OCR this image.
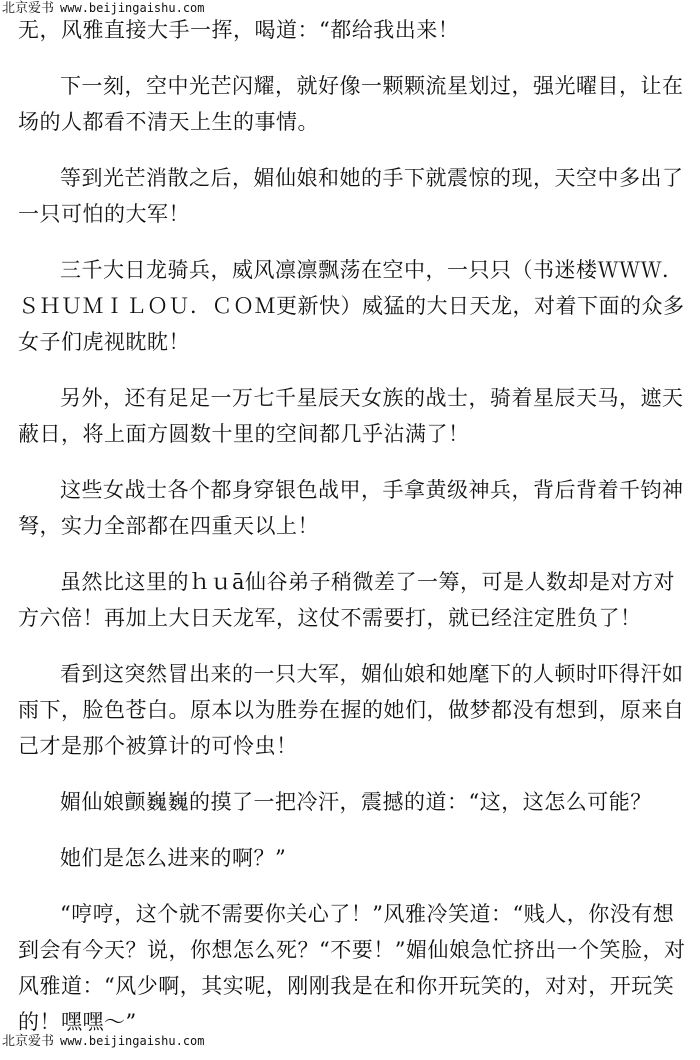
北京爱书 www.beijingaishu.com

无，风雅直接大手一挥，喝道：“都给我出来！

下一刻，空中光芒闪耀，就好像一颗颗流星划过，强光曜目，让在场的人都看不清天上生的事情。

等到光芒消散之后，媚仙娘和她的手下就震惊的现，天空中多出了一只可怕的大军！

三千大日龙骑兵，威风凛凛飘荡在空中，一只只（书迷楼ＷＷＷ．ＳＨＵＭＩＬＯＵ．ＣＯＭ更新快）威猛的大日天龙，对着下面的众多女子们虎视眈眈！

另外，还有足足一万七千星辰天女族的战士，骑着星辰天马，遮天蔽日，将上面方圆数十里的空间都几乎沾满了！

这些女战士各个都身穿银色战甲，手拿黄级神兵，背后背着千钧神弩，实力全部都在四重天以上！

虽然比这里的ｈｕā仙谷弟子稍微差了一筹，可是人数却是对方对方六倍！再加上大日天龙军，这仗不需要打，就已经注定胜负了！

看到这突然冒出来的一只大军，媚仙娘和她麾下的人顿时吓得汗如雨下，脸色苍白。原本以为胜券在握的她们，做梦都没有想到，原来自己才是那个被算计的可怜虫！

媚仙娘颤巍巍的摸了一把冷汗，震撼的道：“这，这怎么可能？

她们是怎么进来的啊？”

“哼哼，这个就不需要你关心了！”风雅冷笑道：“贱人，你没有想到会有今天？说，你想怎么死？“不要！”媚仙娘急忙挤出一个笑脸，对风雅道：“风少啊，其实呢，刚刚我是在和你开玩笑的，对对，开玩笑的！嘿嘿～”

北京爱书 www.beijingaishu.com
